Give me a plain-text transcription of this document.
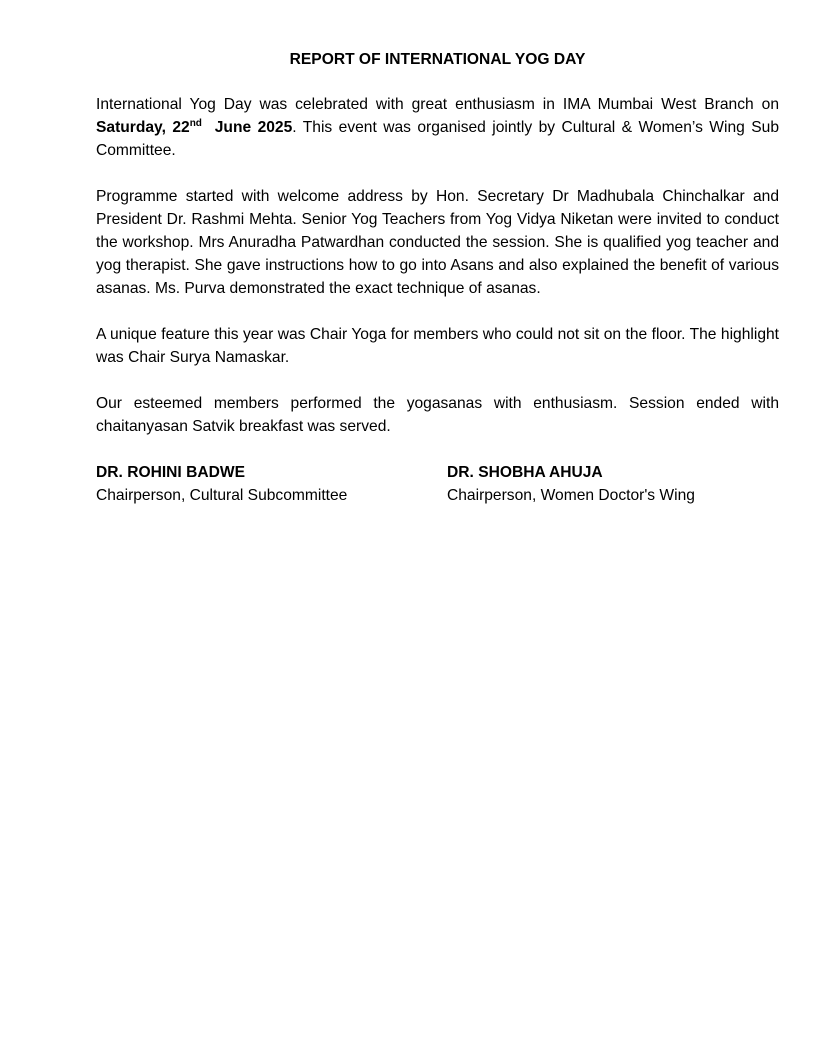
REPORT OF INTERNATIONAL YOG DAY

International Yog Day was celebrated with great enthusiasm in IMA Mumbai West Branch on Saturday, 22nd  June 2025. This event was organised jointly by Cultural & Women’s Wing Sub Committee.

Programme started with welcome address by Hon. Secretary Dr Madhubala Chinchalkar and President Dr. Rashmi Mehta. Senior Yog Teachers from Yog Vidya Niketan were invited to conduct the workshop. Mrs Anuradha Patwardhan conducted the session. She is qualified yog teacher and yog therapist. She gave instructions how to go into Asans and also explained the benefit of various asanas. Ms. Purva demonstrated the exact technique of asanas.

A unique feature this year was Chair Yoga for members who could not sit on the floor. The highlight was Chair Surya Namaskar.

Our esteemed members performed the yogasanas with enthusiasm. Session ended with chaitanyasan Satvik breakfast was served.

DR. ROHINI BADWE
Chairperson, Cultural Subcommittee
DR. SHOBHA AHUJA
Chairperson, Women Doctor's Wing
